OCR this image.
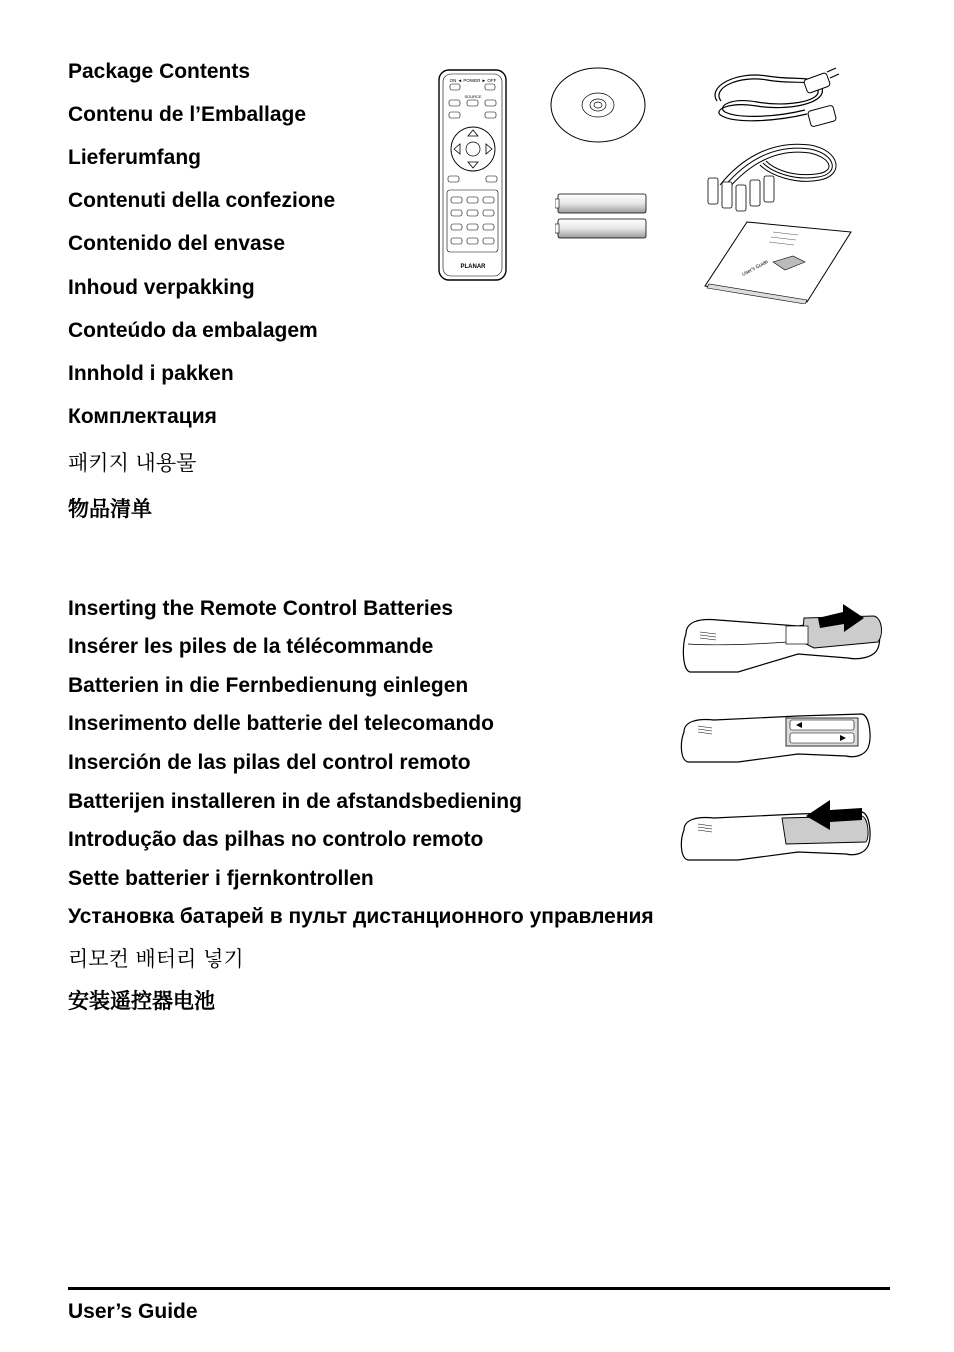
Package Contents
Contenu de l’Emballage
Lieferumfang
Contenuti della confezione
Contenido del envase
Inhoud verpakking
Conteúdo da embalagem
Innhold i pakken
Комплектация
패키지 내용물
物品清单
ON ◄ POWER ► OFF
SOURCE
PLANAR	User's Guide
Inserting the Remote Control Batteries
Insérer les piles de la télécommande
Batterien in die Fernbedienung einlegen
Inserimento delle batterie del telecomando
Inserción de las pilas del control remoto
Batterijen installeren in de afstandsbediening
Introdução das pilhas no controlo remoto
Sette batterier i fjernkontrollen
Установка батарей в пульт дистанционного управления
리모컨 배터리 넣기
安装遥控器电池
User’s Guide
